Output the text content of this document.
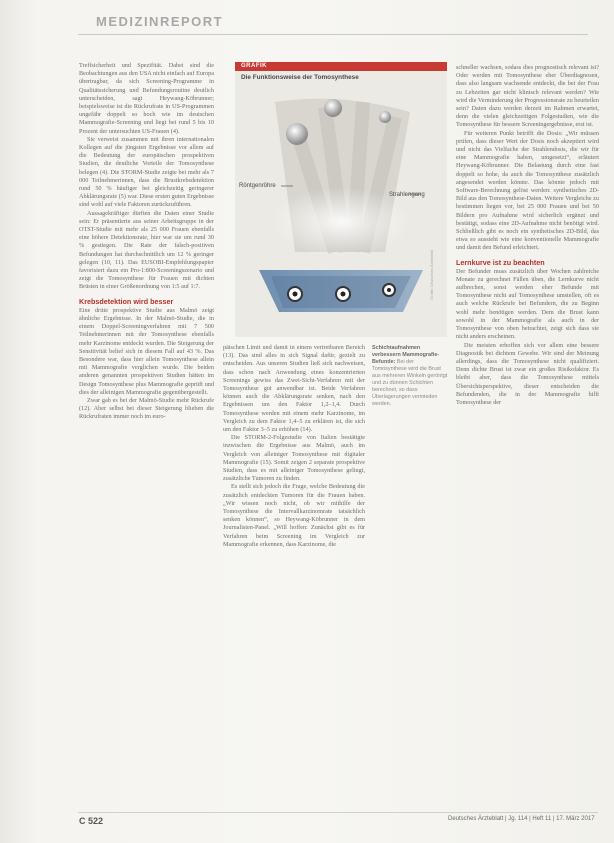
MEDIZINREPORT

Treffsicherheit und Spezifität. Dabei sind die Beobachtungen aus den USA nicht einfach auf Europa übertragbar, da sich Screening-Programme in Qualitätssicherung und Befundungsroutine deutlich unterscheiden, sagt Heywang-Köbrunner; beispielsweise ist die Rückrufrate in US-Programmen ungefähr doppelt so hoch wie im deutschen Mammografie-Screening und liegt bei rund 5 bis 10 Prozent der untersuchten US-Frauen (4).

Sie verweist zusammen mit ihren internationalen Kollegen auf die jüngsten Ergebnisse vor allem auf die Bedeutung der europäischen prospektiven Studien, die deutliche Vorteile der Tomosynthese belegen (4). Die STORM-Studie zeigte bei mehr als 7 000 Teilnehmerinnen, dass die Brustkrebsdetektion rund 50 % häufiger bei gleichzeitig geringerer Abklärungsrate (5) war. Diese ersten guten Ergebnisse sind wohl auf viele Faktoren zurückzuführen.

Aussagekräftiger dürften die Daten einer Studie sein: Er präsentierte aus seiner Arbeitsgruppe in der OTST-Studie mit mehr als 25 000 Frauen ebenfalls eine höhere Detektionsrate, hier war sie um rund 30 % gestiegen. Die Rate der falsch-positiven Befundungen hat durchschnittlich um 12 % geringer gelegen (10, 11). Das EUSOBI-Empfehlungspapier favorisiert dazu ein Pro-1:800-Screeningszenario und zeigt die Tomosynthese für Frauen mit dichten Brüsten in einer Größenordnung von 1:5 auf 1:7.

Krebsdetektion wird besser

Eine dritte prospektive Studie aus Malmö zeigt ähnliche Ergebnisse. In der Malmö-Studie, die in einem Doppel-Screeningverfahren mit 7 500 Teilnehmerinnen mit der Tomosynthese ebenfalls mehr Karzinome entdeckt wurden. Die Steigerung der Sensitivität belief sich in diesem Fall auf 43 %. Das Besondere war, dass hier allein Tomosynthese allein mit Mammografie verglichen wurde. Die beiden anderen genannten prospektiven Studien hätten im Design Tomosynthese plus Mammografie geprüft und dies der alleinigen Mammografie gegenübergestellt.

Zwar gab es bei der Malmö-Studie mehr Rückrufe (12). Aber selbst bei dieser Steigerung blieben die Rückrufraten immer noch im euro-

GRAFIK
Die Funktionsweise der Tomosynthese
Röntgenröhre
Strahlengang
Grafik: Deutsches Ärzteblatt

päischen Limit und damit in einem vertretbaren Bereich (13). Das sind alles in sich Signal dafür, gezielt zu entscheiden. Aus unseren Studien ließ sich nachweisen, dass schon nach Anwendung eines konzentrierten Screenings gewiss das Zwei-Sicht-Verfahren mit der Tomosynthese gut anwendbar ist. Beide Verfahren können auch die Abklärungsrate senken, nach den Ergebnissen um den Faktor 1,2–1,4. Durch Tomosynthese werden mit einem mehr Karzinome, im Vergleich zu dem Faktor 1,4–5 zu erklären ist, die sich um den Faktor 3–5 zu erhöhen (14).

Die STORM-2-Folgestudie von Italien bestätigte inzwischen die Ergebnisse aus Malmö, auch im Vergleich von alleiniger Tomosynthese mit digitaler Mammografie (15). Somit zeigen 2 separate prospektive Studien, dass es mit alleiniger Tomosynthese gelingt, zusätzliche Tumoren zu finden.

Es stellt sich jedoch die Frage, welche Bedeutung die zusätzlich entdeckten Tumoren für die Frauen haben. „Wir wissen noch nicht, ob wir mithilfe der Tomosynthese die Intervallkarzinomrate tatsächlich senken können“, so Heywang-Köbrunner in dem Journalisten-Panel. „Will hoffen: Zunächst gibt es für Verfahren beim Screening im Vergleich zur Mammografie erkennen, dass Karzinome, die

Schichtaufnahmen verbessern Mammografie-Befunde: Bei der Tomosynthese wird die Brust aus mehreren Winkeln geröntgt und zu dünnen Schichten berechnet, so dass Überlagerungen vermieden werden.

schneller wachsen, sodass dies prognostisch relevant ist? Oder werden mit Tomosynthese eher Überdiagnosen, dass also langsam wachsende entdeckt, die bei der Frau zu Lebzeiten gar nicht klinisch relevant werden? Wie wird die Verminderung der Progressionsrate zu beurteilen sein? Daten dazu werden derzeit im Rahmen erwartet, denn die vielen gleichzeitigen Folgestudien, wie die Tomosynthese für bessere Screeningergebnisse, erst ist.

Für weiteren Punkt betrifft die Dosis: „Wir müssen prüfen, dass dieser Wert der Dosis noch akzeptiert wird und nicht das Vielfache der Strahlendosis, die wir für eine Mammografie haben, umgesetzt“, erläutert Heywang-Köbrunner. Die Belastung durch eine fast doppelt so hohe, da auch die Tomosynthese zusätzlich angesendet werden könnte. Das könnte jedoch mit Software-Berechnung gelöst werden: synthetisches 2D-Bild aus den Tomosynthese-Daten. Weitere Vergleiche zu bestimmen liegen vor, bei 25 000 Frauen und bei 50 Bildern pro Aufnahme wird sicherlich ergänzt und bestätigt, sodass eine 2D-Aufnahme nicht benötigt wird. Schließlich gibt es noch ein synthetisches 2D-Bild, das etwa so aussieht wie eine konventionelle Mammografie und damit den Befund erleichtert.

Lernkurve ist zu beachten

Der Befunder muss zusätzlich über Wochen zahlreiche Monate zu gerechnet Fällen üben, die Lernkurve nicht aufbrechen, sonst werden eher Befunde mit Tomosynthese nicht auf Tomosynthese umstellen, oft es auch welche Rückrufe bei Befundern, die zu Beginn wohl mehr benötigen werden. Dem die Brust kann sowohl in der Mammografie als auch in der Tomosynthese von oben betrachtet, zeigt sich dass sie nicht anders erscheinen.

Die meisten erhoffen sich vor allem eine bessere Diagnostik bei dichtem Gewebe. Wir sind der Meinung allerdings, dass die Tomosynthese nicht qualifiziert. Denn dichte Brust ist zwar ein großes Risikofaktor. Es bleibt aber, dass die Tomosynthese mittels Übersichtsperspektive, dieser entscheiden die Befundenden, die in der Mammografie hilft Tomosynthese der

C 522	Deutsches Ärzteblatt | Jg. 114 | Heft 11 | 17. März 2017
